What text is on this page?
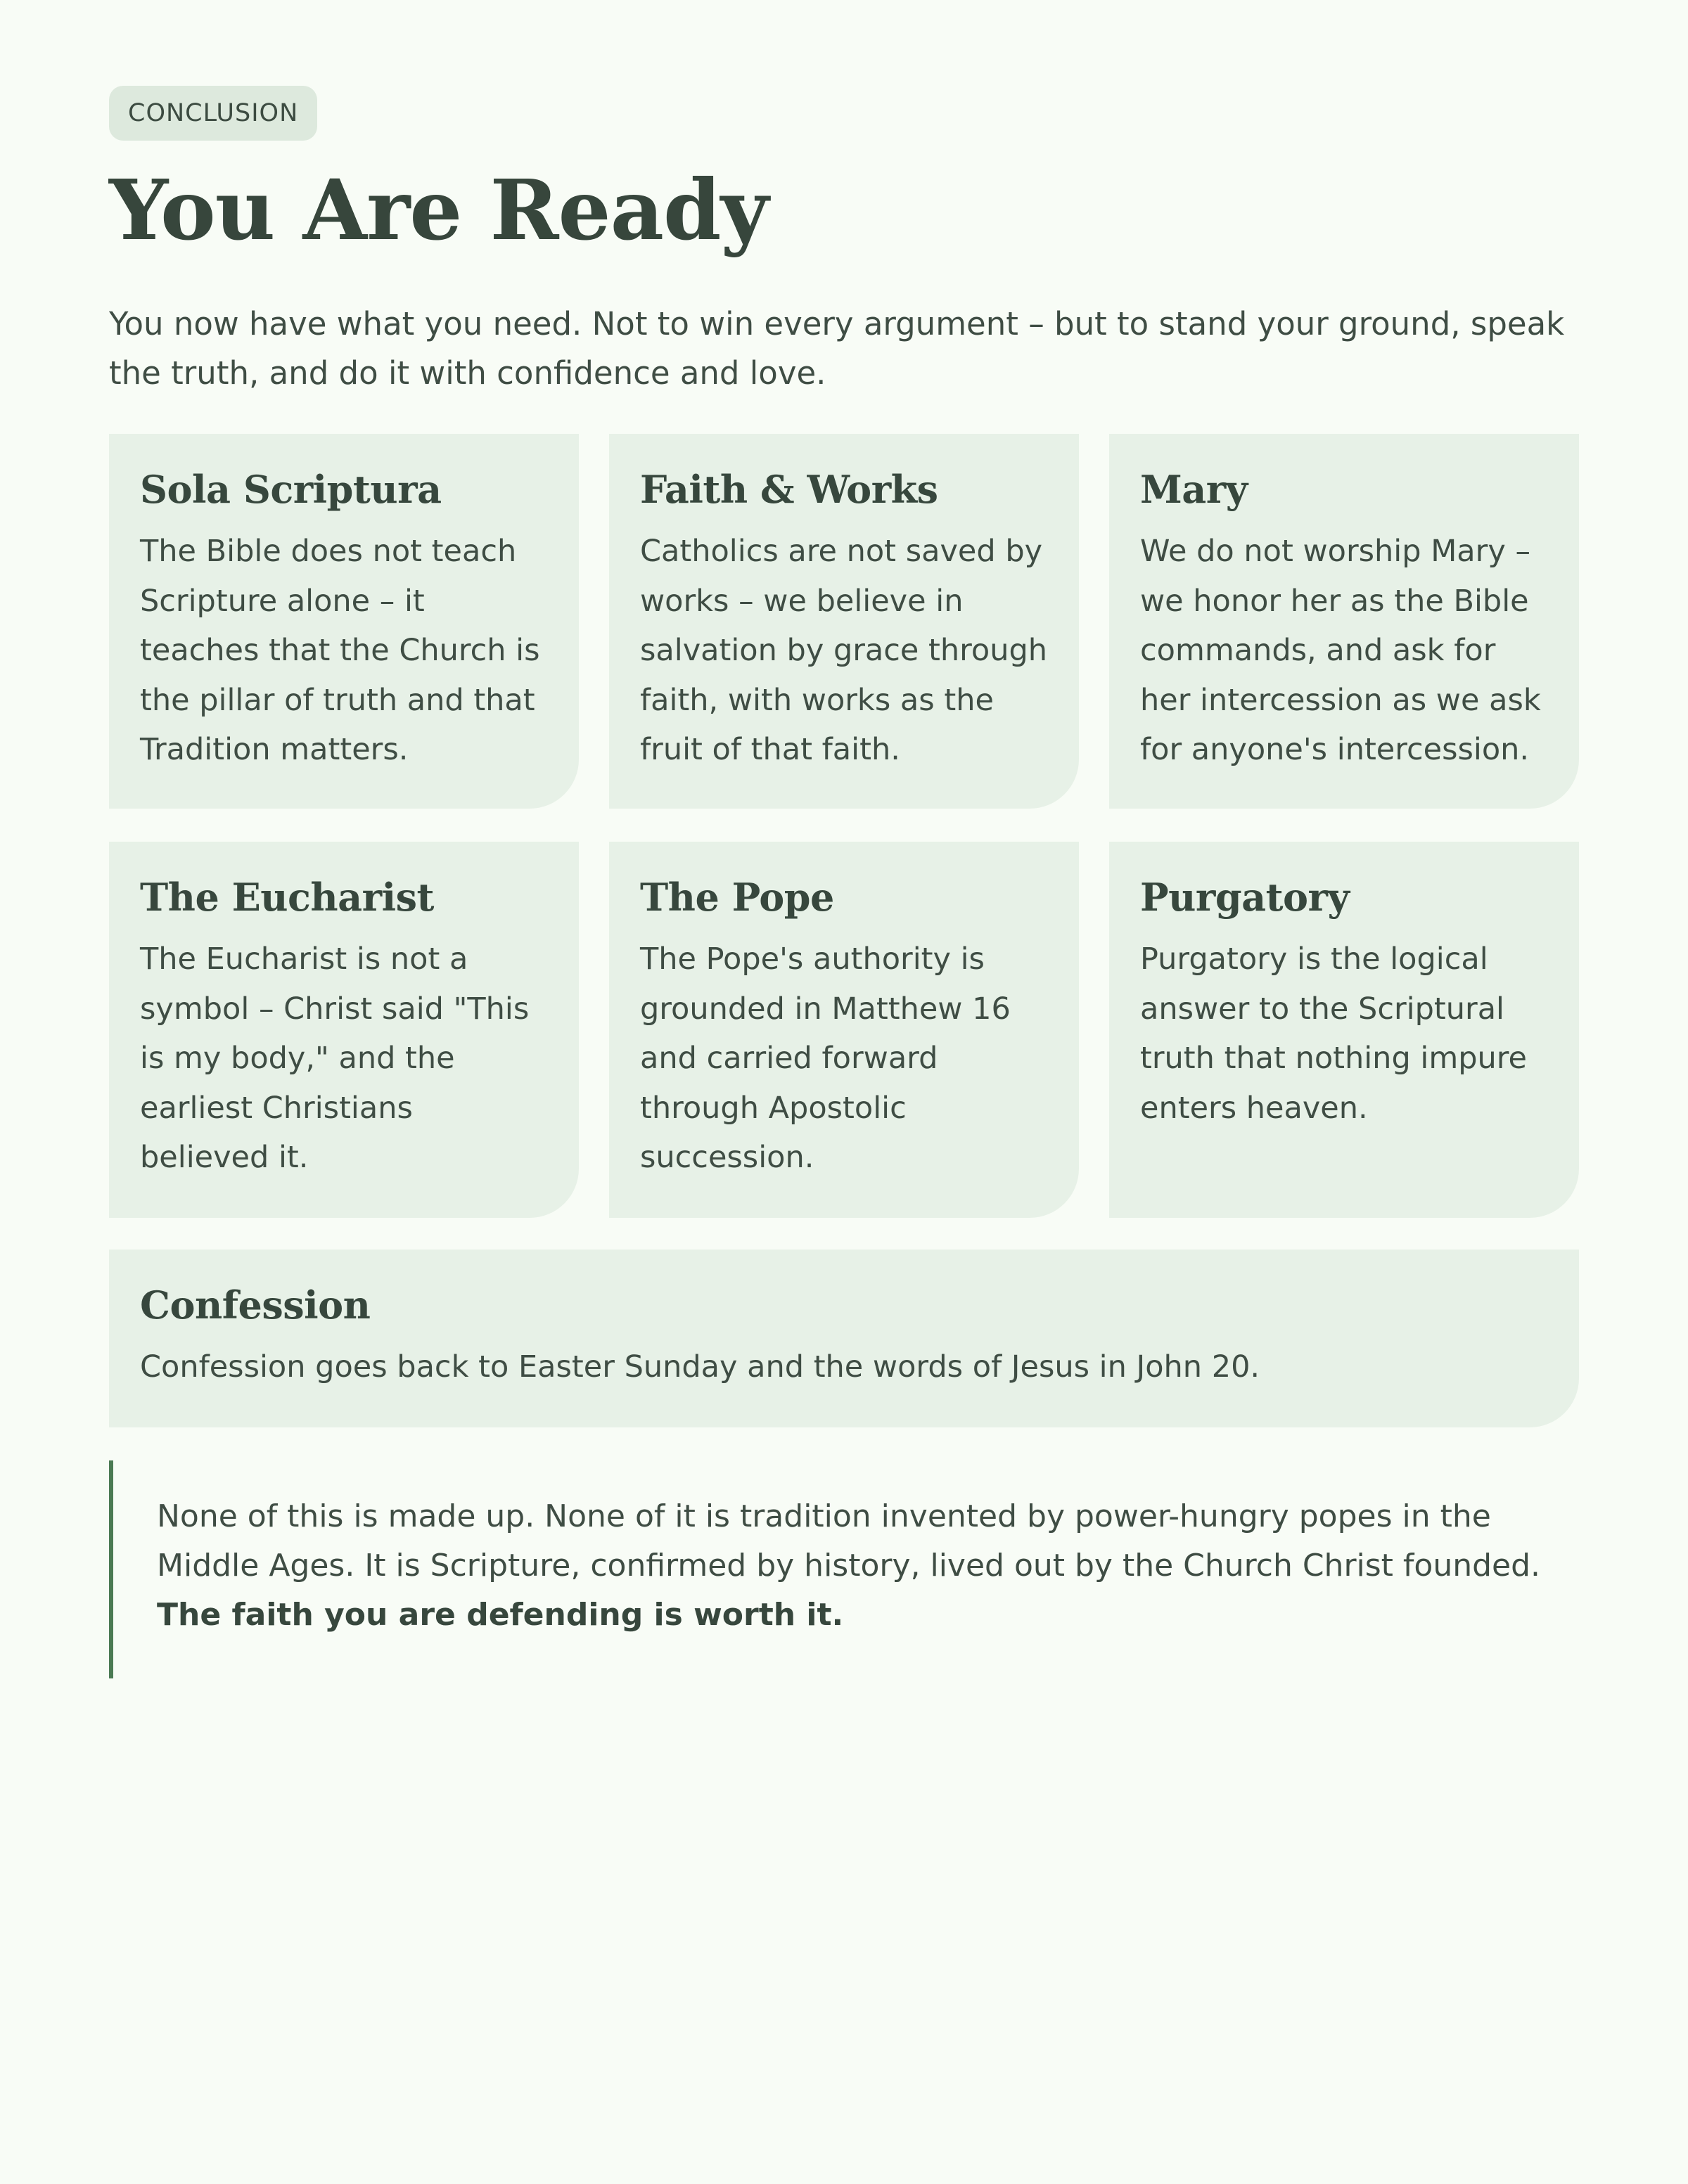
CONCLUSION
You Are Ready

You now have what you need. Not to win every argument – but to stand your ground, speak the truth, and do it with confidence and love.

Sola Scriptura

The Bible does not teach Scripture alone – it teaches that the Church is the pillar of truth and that Tradition matters.

Faith & Works

Catholics are not saved by works – we believe in salvation by grace through faith, with works as the fruit of that faith.

Mary

We do not worship Mary – we honor her as the Bible commands, and ask for her intercession as we ask for anyone's intercession.

The Eucharist

The Eucharist is not a symbol – Christ said "This is my body," and the earliest Christians believed it.

The Pope

The Pope's authority is grounded in Matthew 16 and carried forward through Apostolic succession.

Purgatory

Purgatory is the logical answer to the Scriptural truth that nothing impure enters heaven.

Confession

Confession goes back to Easter Sunday and the words of Jesus in John 20.

None of this is made up. None of it is tradition invented by power-hungry popes in the Middle Ages. It is Scripture, confirmed by history, lived out by the Church Christ founded. The faith you are defending is worth it.
